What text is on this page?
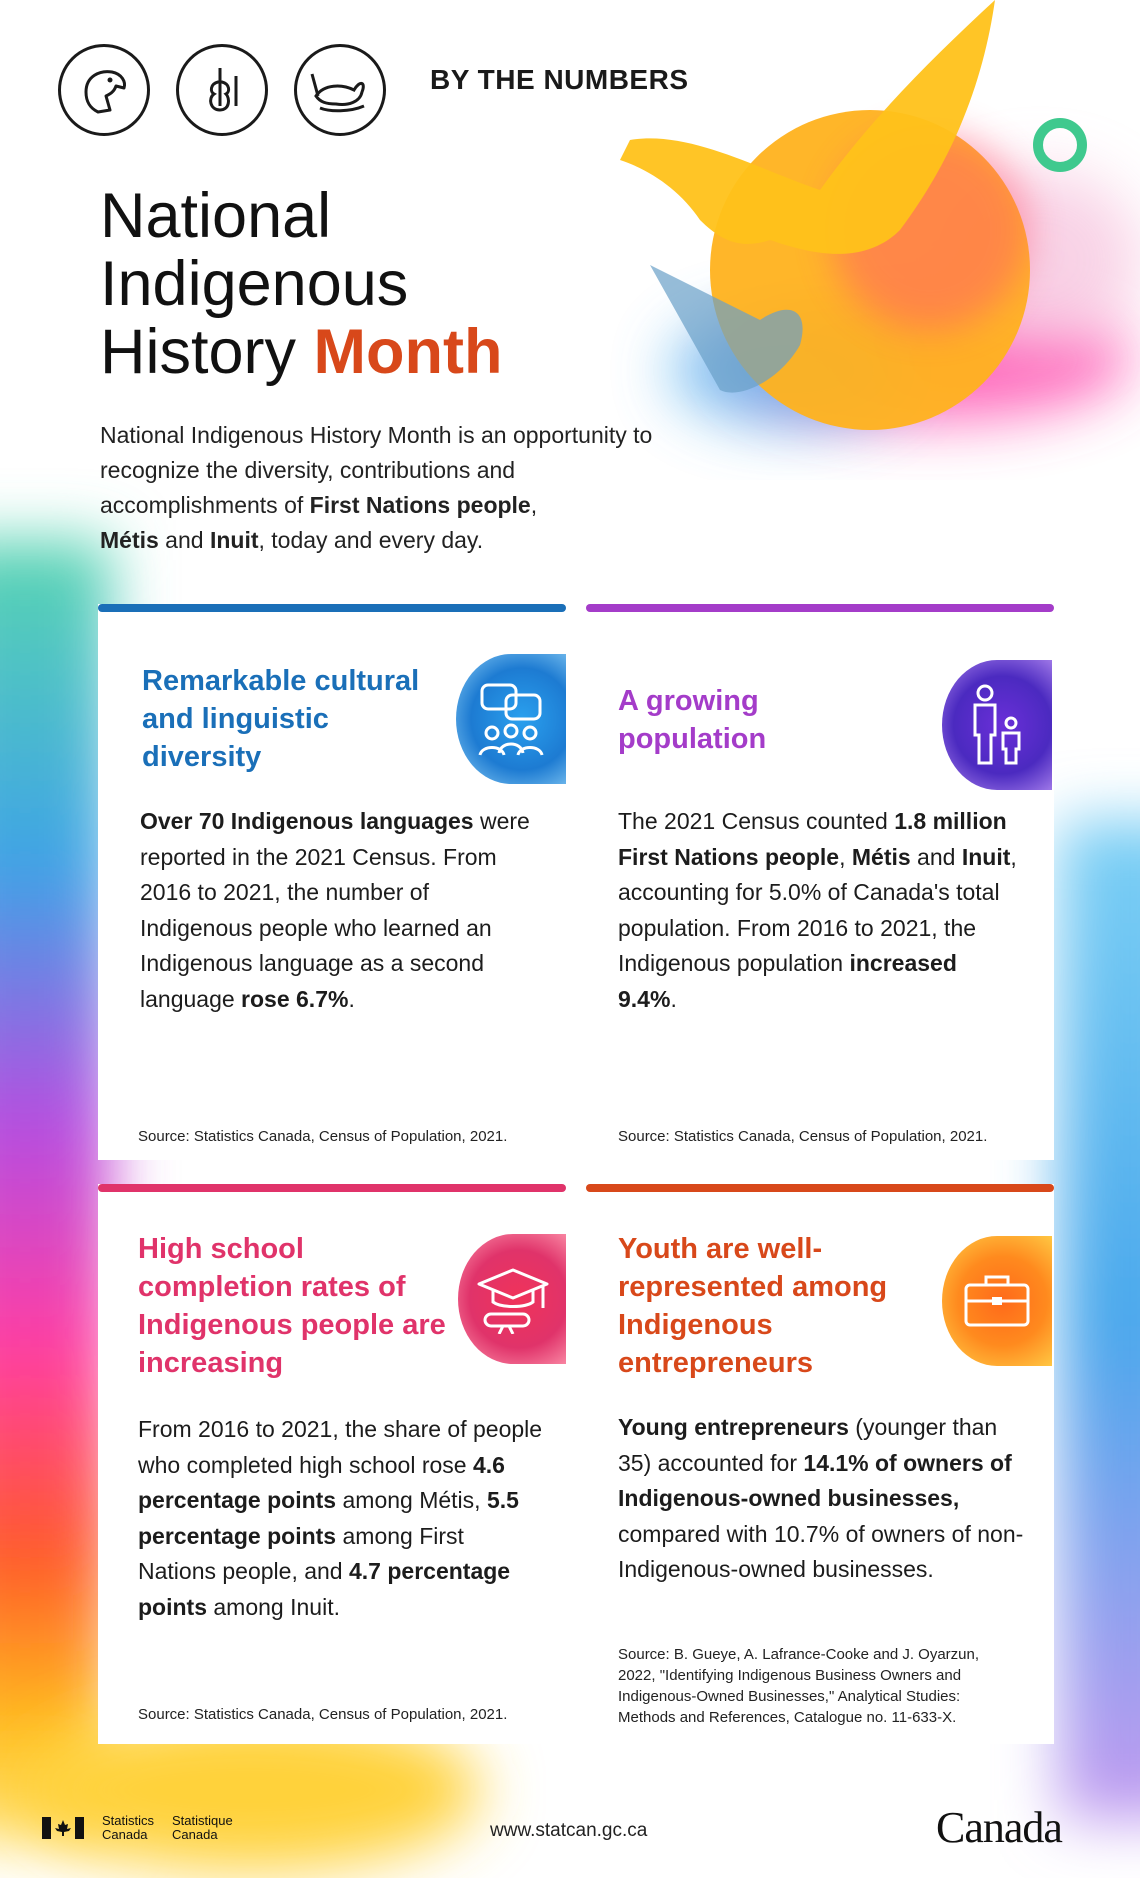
BY THE NUMBERS
National
Indigenous
History Month

National Indigenous History Month is an opportunity to recognize the diversity, contributions and accomplishments of First Nations people,
Métis and Inuit, today and every day.

Remarkable cultural and linguistic diversity

Over 70 Indigenous languages were reported in the 2021 Census. From 2016 to 2021, the number of Indigenous people who learned an Indigenous language as a second language rose 6.7%.

Source: Statistics Canada, Census of Population, 2021.

A growing population

The 2021 Census counted 1.8 million First Nations people, Métis and Inuit, accounting for 5.0% of Canada's total population. From 2016 to 2021, the Indigenous population increased 9.4%.

Source: Statistics Canada, Census of Population, 2021.

High school completion rates of Indigenous people are increasing

From 2016 to 2021, the share of people who completed high school rose 4.6 percentage points among Métis, 5.5 percentage points among First Nations people, and 4.7 percentage points among Inuit.

Source: Statistics Canada, Census of Population, 2021.

Youth are well-represented among Indigenous entrepreneurs

Young entrepreneurs (younger than 35) accounted for 14.1% of owners of Indigenous-owned businesses, compared with 10.7% of owners of non-Indigenous-owned businesses.

Source: B. Gueye, A. Lafrance-Cooke and J. Oyarzun, 2022, "Identifying Indigenous Business Owners and Indigenous-Owned Businesses," Analytical Studies: Methods and References, Catalogue no. 11-633-X.

Statistics
Canada
Statistique
Canada	www.statcan.gc.ca	Canada
